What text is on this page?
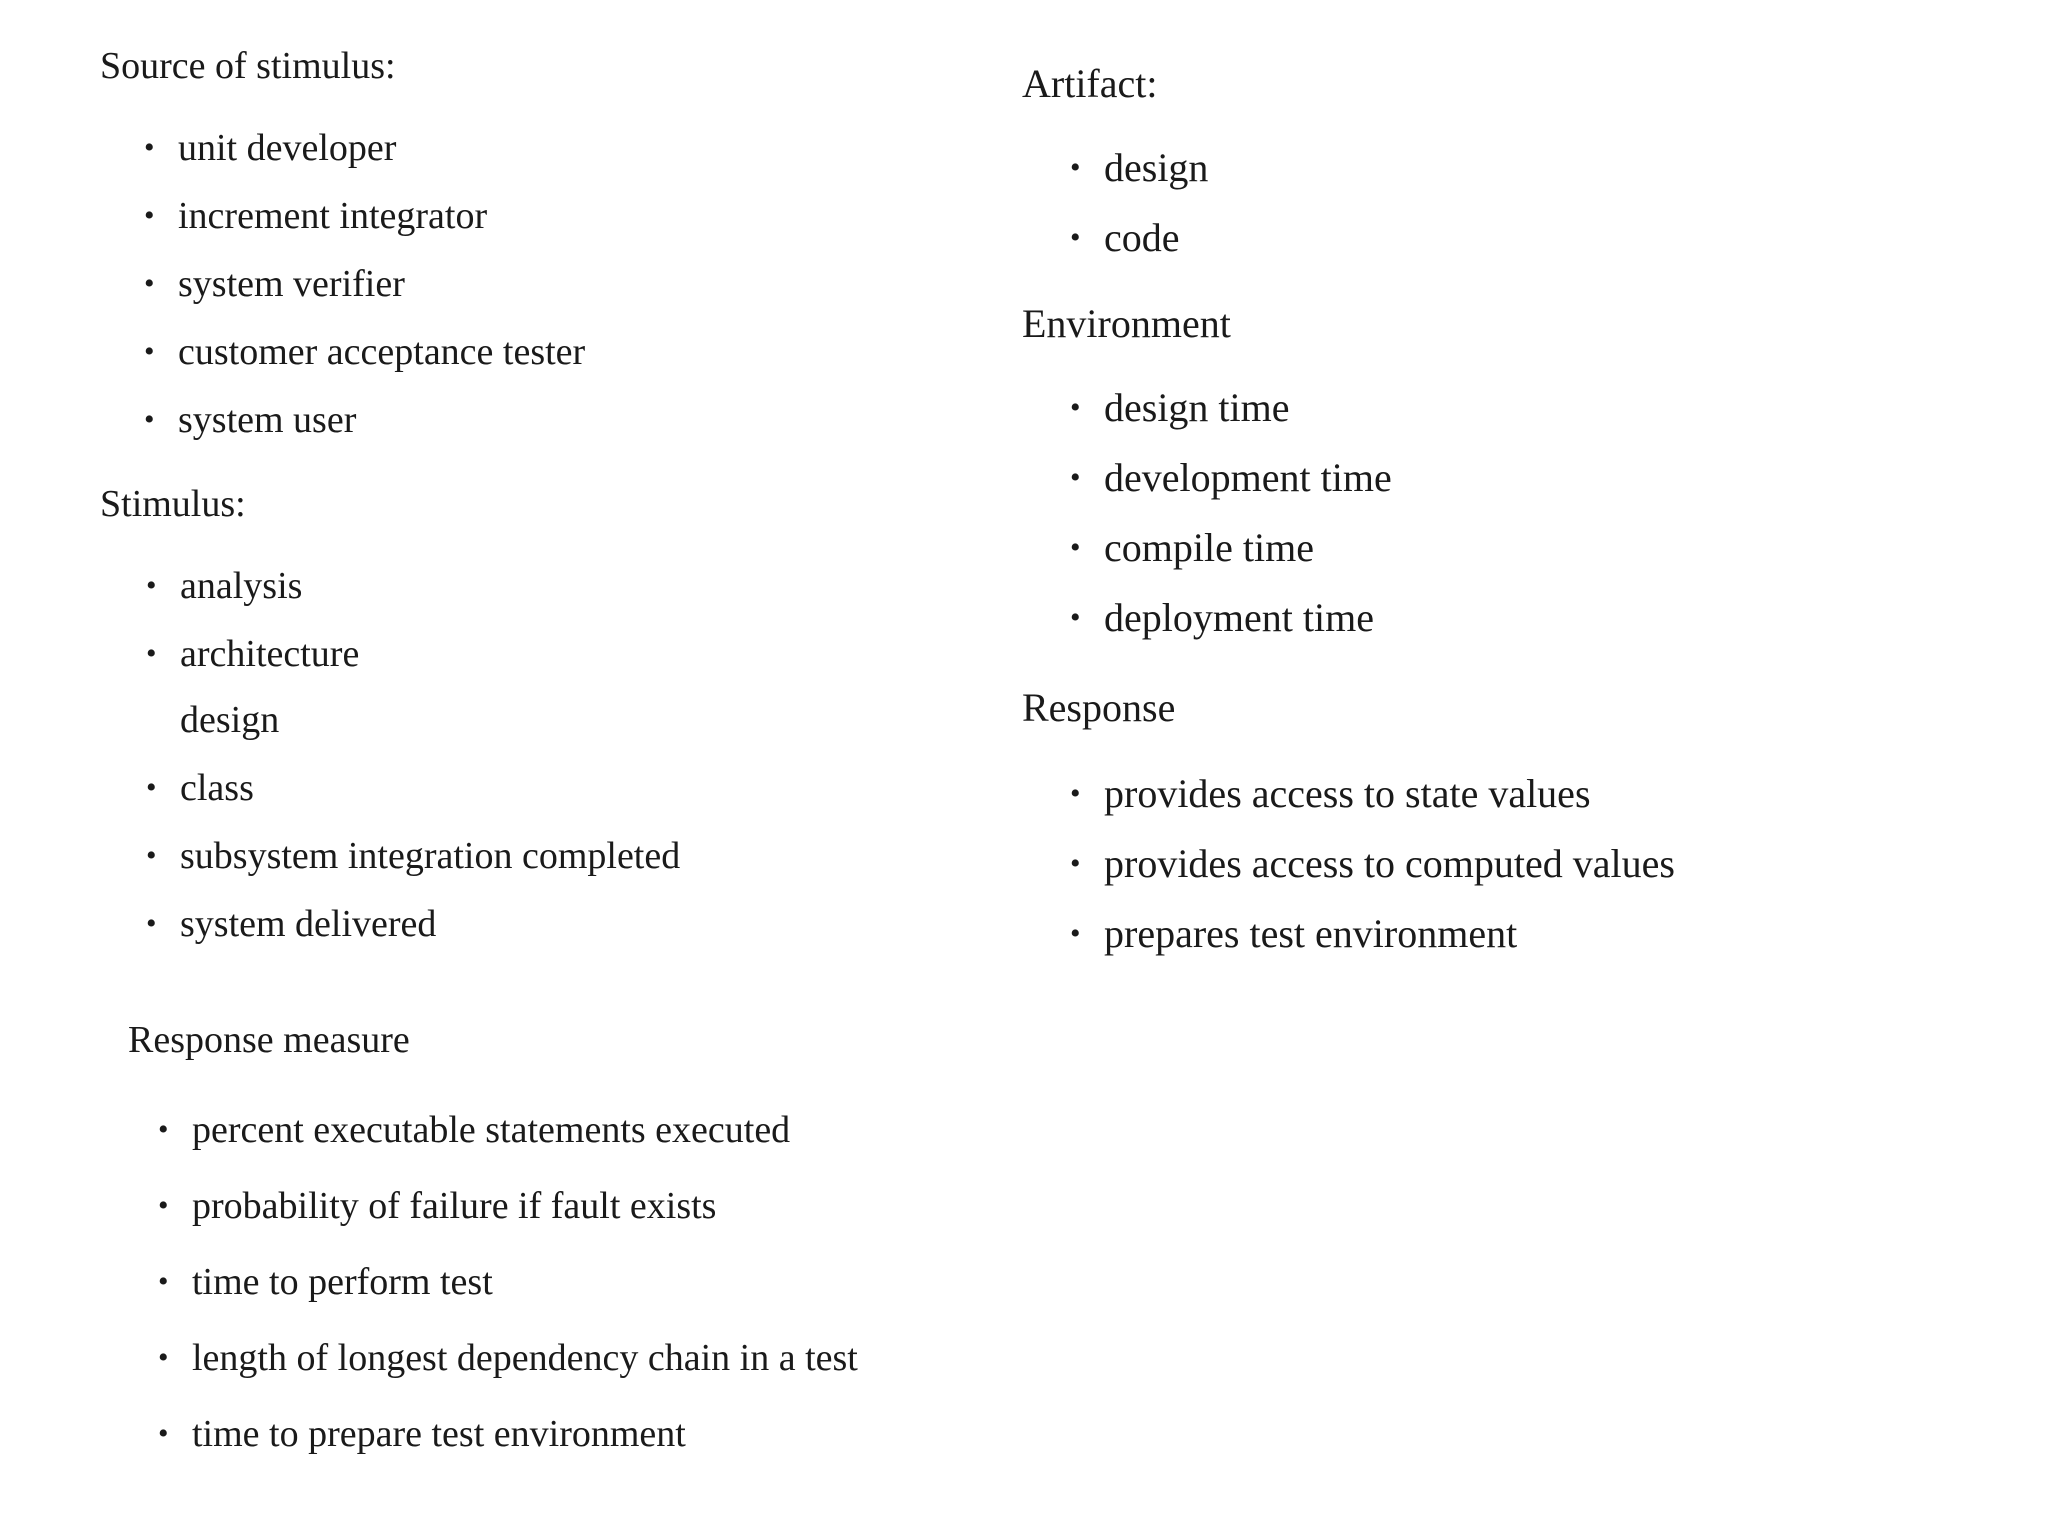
Source of stimulus:
• unit developer
• increment integrator
• system verifier
• customer acceptance tester
• system user
Stimulus:
• analysis
• architecture
design
• class
• subsystem integration completed
• system delivered
Response measure
• percent executable statements executed
• probability of failure if fault exists
• time to perform test
• length of longest dependency chain in a test
• time to prepare test environment
Artifact:
• design
• code
Environment
• design time
• development time
• compile time
• deployment time
Response
• provides access to state values
• provides access to computed values
• prepares test environment
